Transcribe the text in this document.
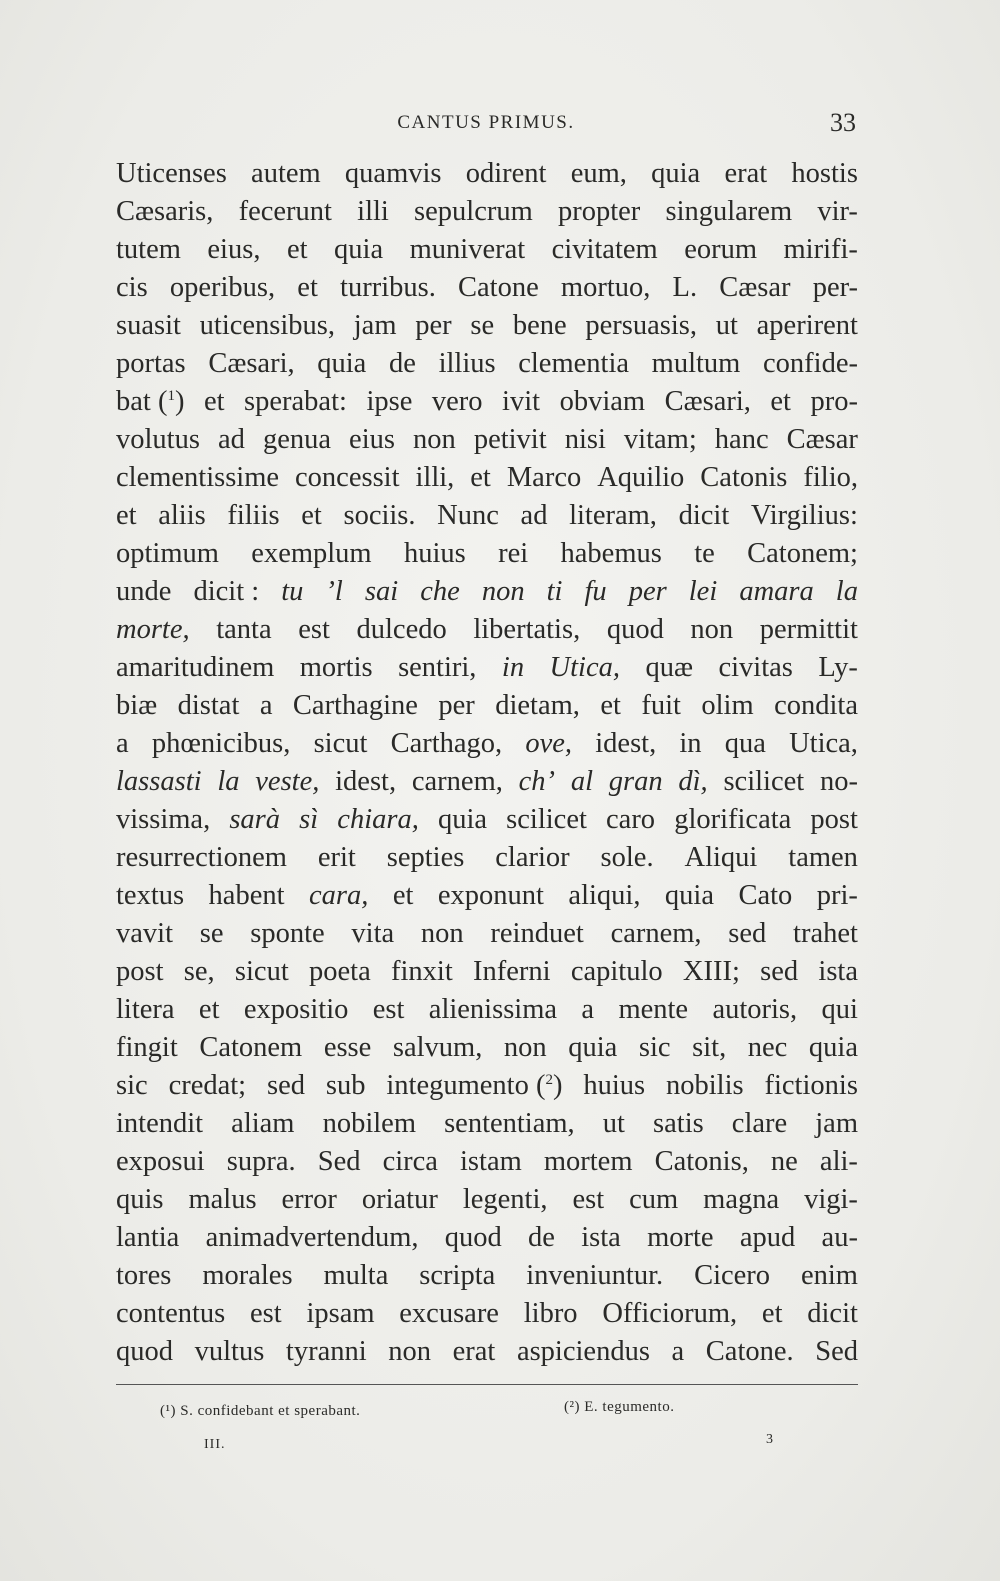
CANTUS PRIMUS.	33
Uticenses autem quamvis odirent eum, quia erat hostis
Cæsaris, fecerunt illi sepulcrum propter singularem vir-
tutem eius, et quia muniverat civitatem eorum mirifi-
cis operibus, et turribus. Catone mortuo, L. Cæsar per-
suasit uticensibus, jam per se bene persuasis, ut aperirent
portas Cæsari, quia de illius clementia multum confide-
bat ($^1$) et sperabat: ipse vero ivit obviam Cæsari, et pro-
volutus ad genua eius non petivit nisi vitam; hanc Cæsar
clementissime concessit illi, et Marco Aquilio Catonis filio,
et aliis filiis et sociis. Nunc ad literam, dicit Virgilius:
optimum exemplum huius rei habemus te Catonem;
unde dicit : tu ’l sai che non ti fu per lei amara la
morte, tanta est dulcedo libertatis, quod non permittit
amaritudinem mortis sentiri, in Utica, quæ civitas Ly-
biæ distat a Carthagine per dietam, et fuit olim condita
a phœnicibus, sicut Carthago, ove, idest, in qua Utica,
lassasti la veste, idest, carnem, ch’ al gran dì, scilicet no-
vissima, sarà sì chiara, quia scilicet caro glorificata post
resurrectionem erit septies clarior sole. Aliqui tamen
textus habent cara, et exponunt aliqui, quia Cato pri-
vavit se sponte vita non reinduet carnem, sed trahet
post se, sicut poeta finxit Inferni capitulo XIII; sed ista
litera et expositio est alienissima a mente autoris, qui
fingit Catonem esse salvum, non quia sic sit, nec quia
sic credat; sed sub integumento ($^2$) huius nobilis fictionis
intendit aliam nobilem sententiam, ut satis clare jam
exposui supra. Sed circa istam mortem Catonis, ne ali-
quis malus error oriatur legenti, est cum magna vigi-
lantia animadvertendum, quod de ista morte apud au-
tores morales multa scripta inveniuntur. Cicero enim
contentus est ipsam excusare libro Officiorum, et dicit
quod vultus tyranni non erat aspiciendus a Catone. Sed
(¹) S. confidebant et sperabant.	(²) E. tegumento.
III.	3
